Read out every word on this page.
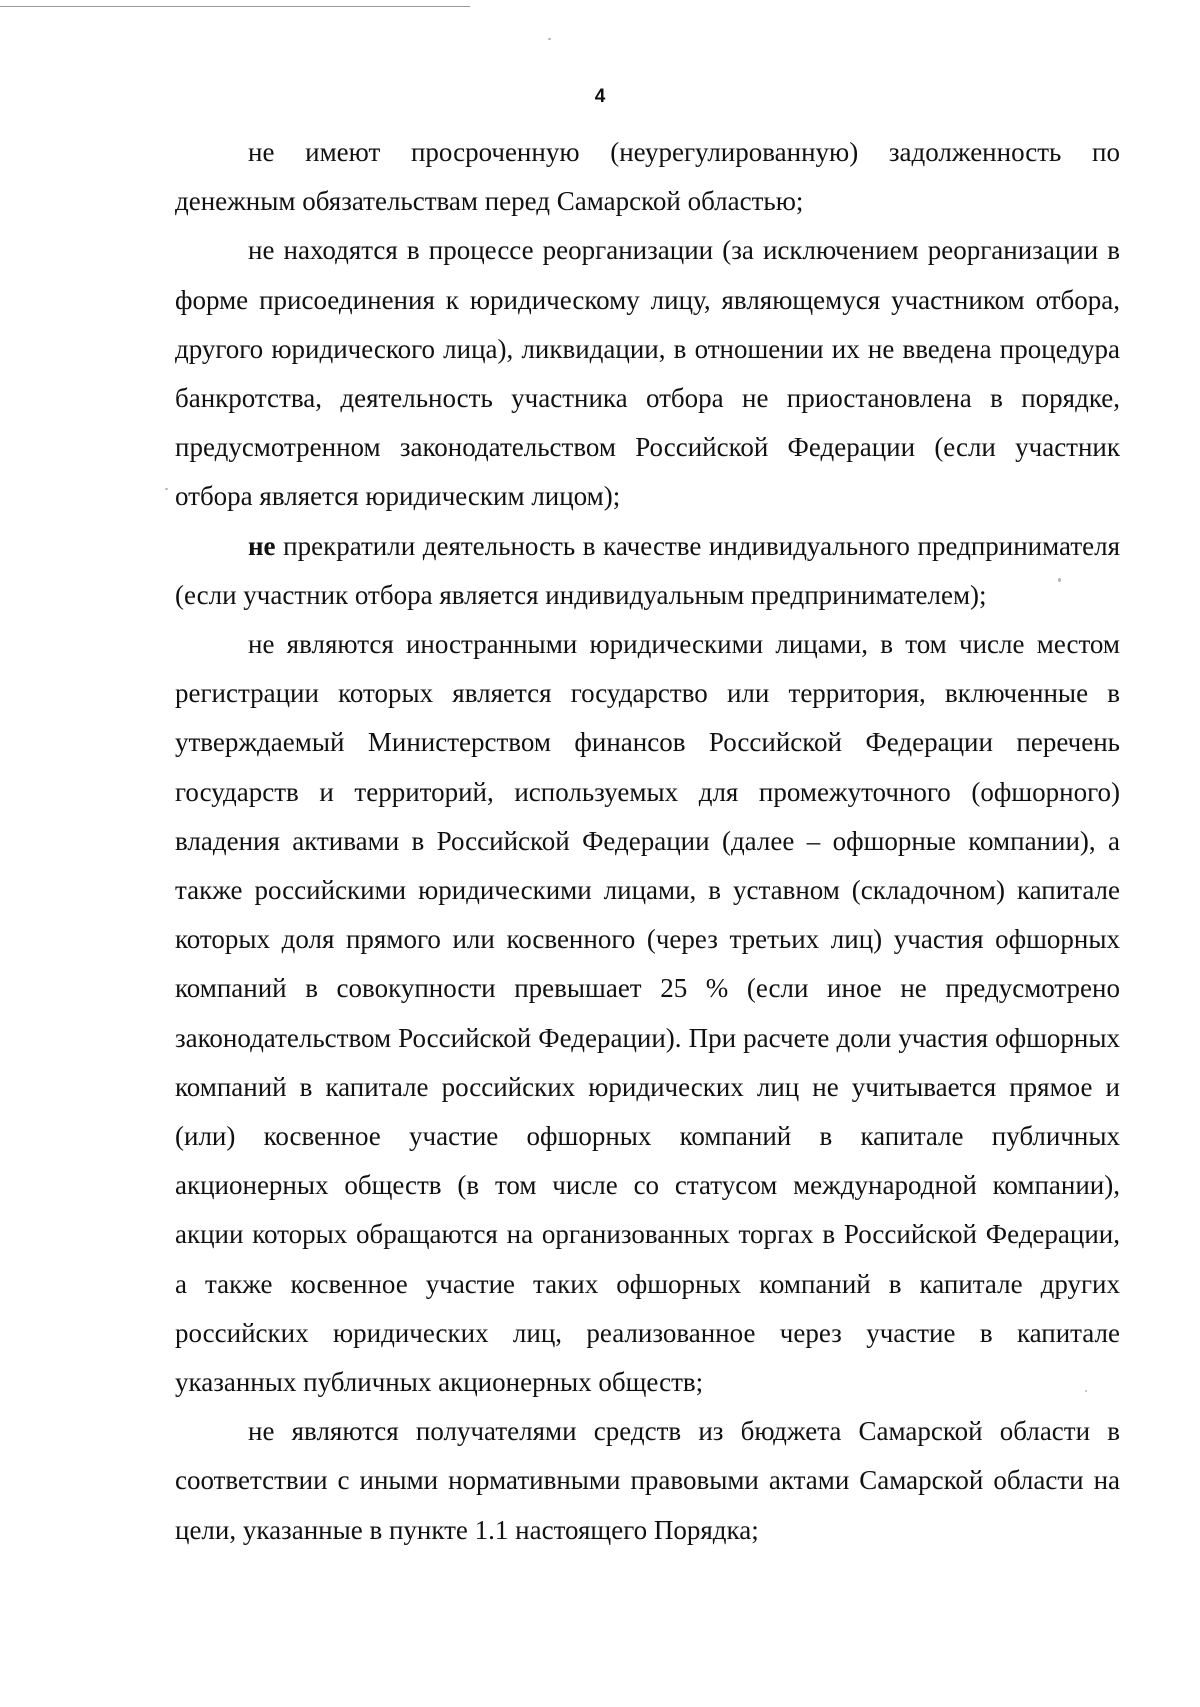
4

не имеют просроченную (неурегулированную) задолженность по денежным обязательствам перед Самарской областью;

не находятся в процессе реорганизации (за исключением реорганизации в форме присоединения к юридическому лицу, являющемуся участником отбора, другого юридического лица), ликвидации, в отношении их не введена процедура банкротства, деятельность участника отбора не приостановлена в порядке, предусмотренном законодательством Российской Федерации (если участник отбора является юридическим лицом);

не прекратили деятельность в качестве индивидуального предпринимателя (если участник отбора является индивидуальным предпринимателем);

не являются иностранными юридическими лицами, в том числе местом регистрации которых является государство или территория, включенные в утверждаемый Министерством финансов Российской Федерации перечень государств и территорий, используемых для промежуточного (офшорного) владения активами в Российской Федерации (далее – офшорные компании), а также российскими юридическими лицами, в уставном (складочном) капитале которых доля прямого или косвенного (через третьих лиц) участия офшорных компаний в совокупности превышает 25 % (если иное не предусмотрено законодательством Российской Федерации). При расчете доли участия офшорных компаний в капитале российских юридических лиц не учитывается прямое и (или) косвенное участие офшорных компаний в капитале публичных акционерных обществ (в том числе со статусом международной компании), акции которых обращаются на организованных торгах в Российской Федерации, а также косвенное участие таких офшорных компаний в капитале других российских юридических лиц, реализованное через участие в капитале указанных публичных акционерных обществ;

не являются получателями средств из бюджета Самарской области в соответствии с иными нормативными правовыми актами Самарской области на цели, указанные в пункте 1.1 настоящего Порядка;
